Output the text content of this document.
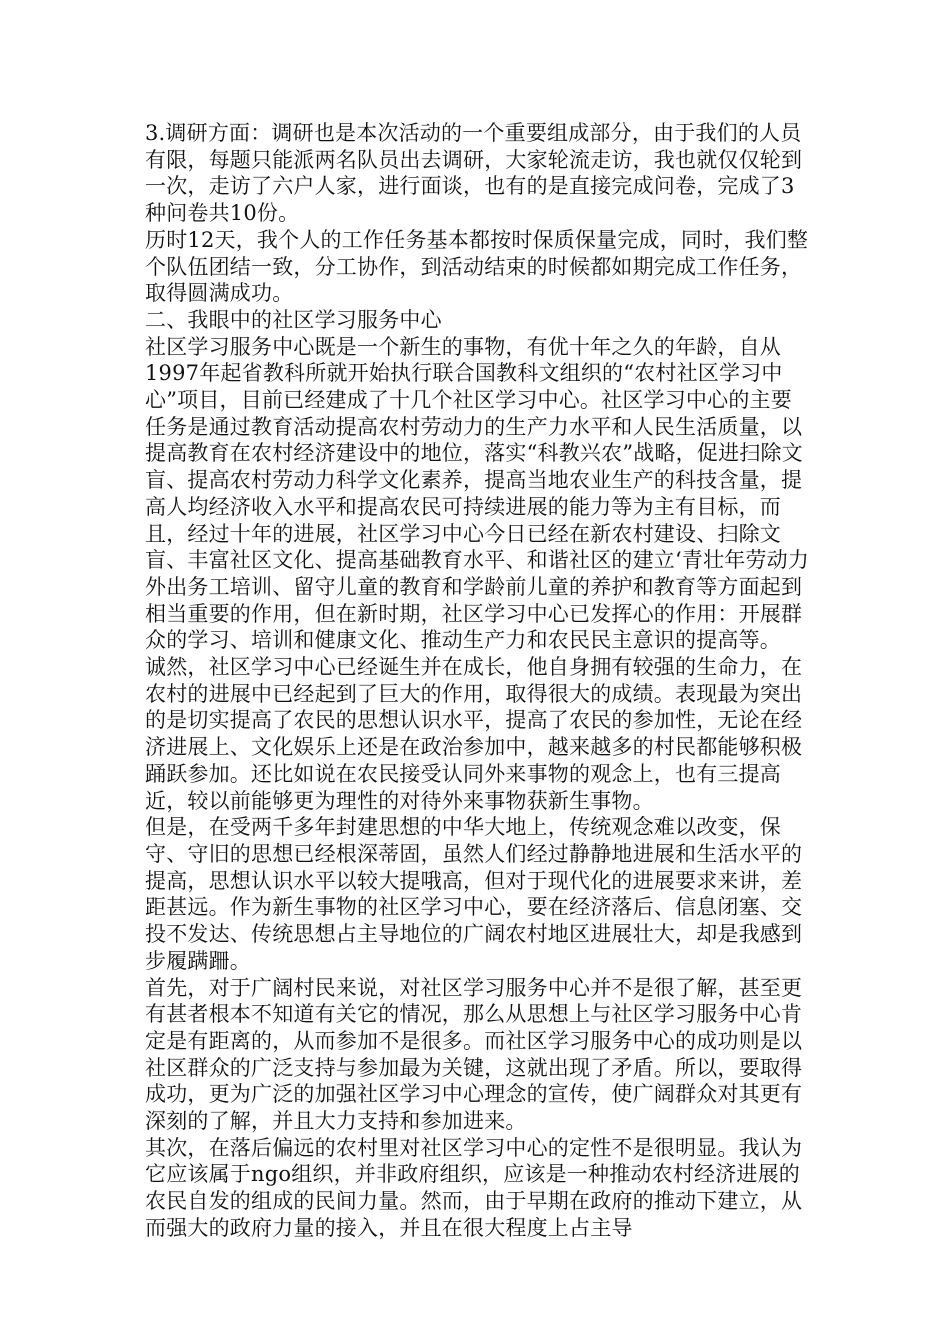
3.调研方面：调研也是本次活动的一个重要组成部分，由于我们的人员有限，每题只能派两名队员出去调研，大家轮流走访，我也就仅仅轮到一次，走访了六户人家，进行面谈，也有的是直接完成问卷，完成了3种问卷共10份。

历时12天，我个人的工作任务基本都按时保质保量完成，同时，我们整个队伍团结一致，分工协作，到活动结束的时候都如期完成工作任务，取得圆满成功。

二、我眼中的社区学习服务中心

社区学习服务中心既是一个新生的事物，有优十年之久的年龄，自从1997年起省教科所就开始执行联合国教科文组织的“农村社区学习中心”项目，目前已经建成了十几个社区学习中心。社区学习中心的主要任务是通过教育活动提高农村劳动力的生产力水平和人民生活质量，以提高教育在农村经济建设中的地位，落实“科教兴农”战略，促进扫除文盲、提高农村劳动力科学文化素养，提高当地农业生产的科技含量，提高人均经济收入水平和提高农民可持续进展的能力等为主有目标，而且，经过十年的进展，社区学习中心今日已经在新农村建设、扫除文盲、丰富社区文化、提高基础教育水平、和谐社区的建立‘青壮年劳动力外出务工培训、留守儿童的教育和学龄前儿童的养护和教育等方面起到相当重要的作用，但在新时期，社区学习中心已发挥心的作用：开展群众的学习、培训和健康文化、推动生产力和农民民主意识的提高等。

诚然，社区学习中心已经诞生并在成长，他自身拥有较强的生命力，在农村的进展中已经起到了巨大的作用，取得很大的成绩。表现最为突出的是切实提高了农民的思想认识水平，提高了农民的参加性，无论在经济进展上、文化娱乐上还是在政治参加中，越来越多的村民都能够积极踊跃参加。还比如说在农民接受认同外来事物的观念上，也有三提高近，较以前能够更为理性的对待外来事物获新生事物。

但是，在受两千多年封建思想的中华大地上，传统观念难以改变，保守、守旧的思想已经根深蒂固，虽然人们经过静静地进展和生活水平的提高，思想认识水平以较大提哦高，但对于现代化的进展要求来讲，差距甚远。作为新生事物的社区学习中心，要在经济落后、信息闭塞、交投不发达、传统思想占主导地位的广阔农村地区进展壮大，却是我感到步履蹒跚。

首先，对于广阔村民来说，对社区学习服务中心并不是很了解，甚至更有甚者根本不知道有关它的情况，那么从思想上与社区学习服务中心肯定是有距离的，从而参加不是很多。而社区学习服务中心的成功则是以社区群众的广泛支持与参加最为关键，这就出现了矛盾。所以，要取得成功，更为广泛的加强社区学习中心理念的宣传，使广阔群众对其更有深刻的了解，并且大力支持和参加进来。

其次，在落后偏远的农村里对社区学习中心的定性不是很明显。我认为它应该属于ngo组织，并非政府组织，应该是一种推动农村经济进展的农民自发的组成的民间力量。然而，由于早期在政府的推动下建立，从而强大的政府力量的接入，并且在很大程度上占主导
